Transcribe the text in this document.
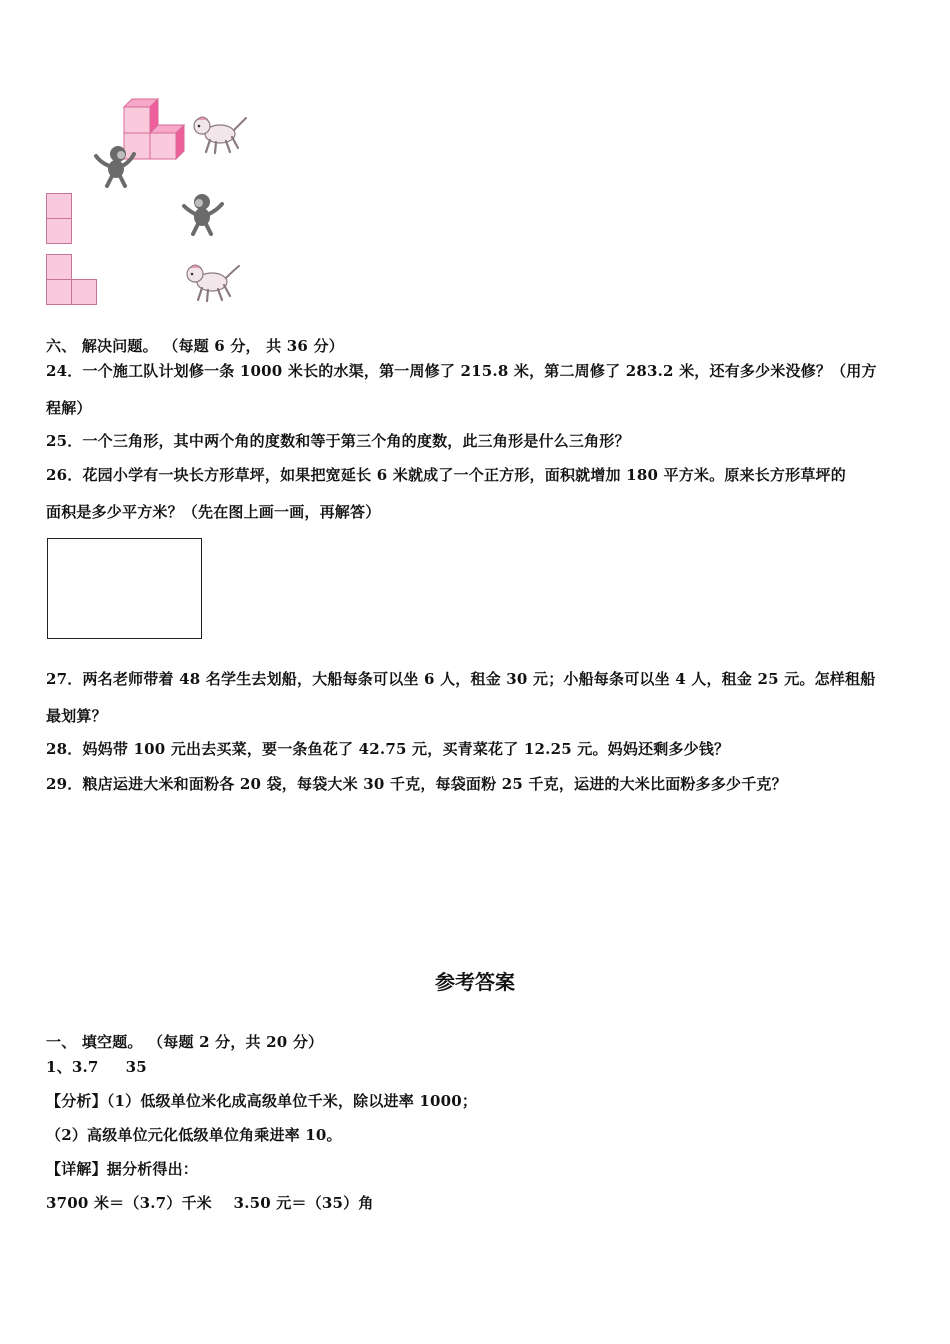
六、 解决问题。 （每题 6 分， 共 36 分）
24．一个施工队计划修一条 1000 米长的水渠，第一周修了 215.8 米，第二周修了 283.2 米，还有多少米没修？（用方
程解）
25．一个三角形，其中两个角的度数和等于第三个角的度数，此三角形是什么三角形？
26．花园小学有一块长方形草坪，如果把宽延长 6 米就成了一个正方形，面积就增加 180 平方米。原来长方形草坪的
面积是多少平方米？（先在图上画一画，再解答）
27．两名老师带着 48 名学生去划船，大船每条可以坐 6 人，租金 30 元；小船每条可以坐 4 人，租金 25 元。怎样租船
最划算？
28．妈妈带 100 元出去买菜，要一条鱼花了 42.75 元，买青菜花了 12.25 元。妈妈还剩多少钱？
29．粮店运进大米和面粉各 20 袋，每袋大米 30 千克，每袋面粉 25 千克，运进的大米比面粉多多少千克？
参考答案
一、 填空题。 （每题 2 分，共 20 分）
1、3.7     35
【分析】（1）低级单位米化成高级单位千米，除以进率 1000；
（2）高级单位元化低级单位角乘进率 10。
【详解】据分析得出：
3700 米＝（3.7）千米    3.50 元＝（35）角
